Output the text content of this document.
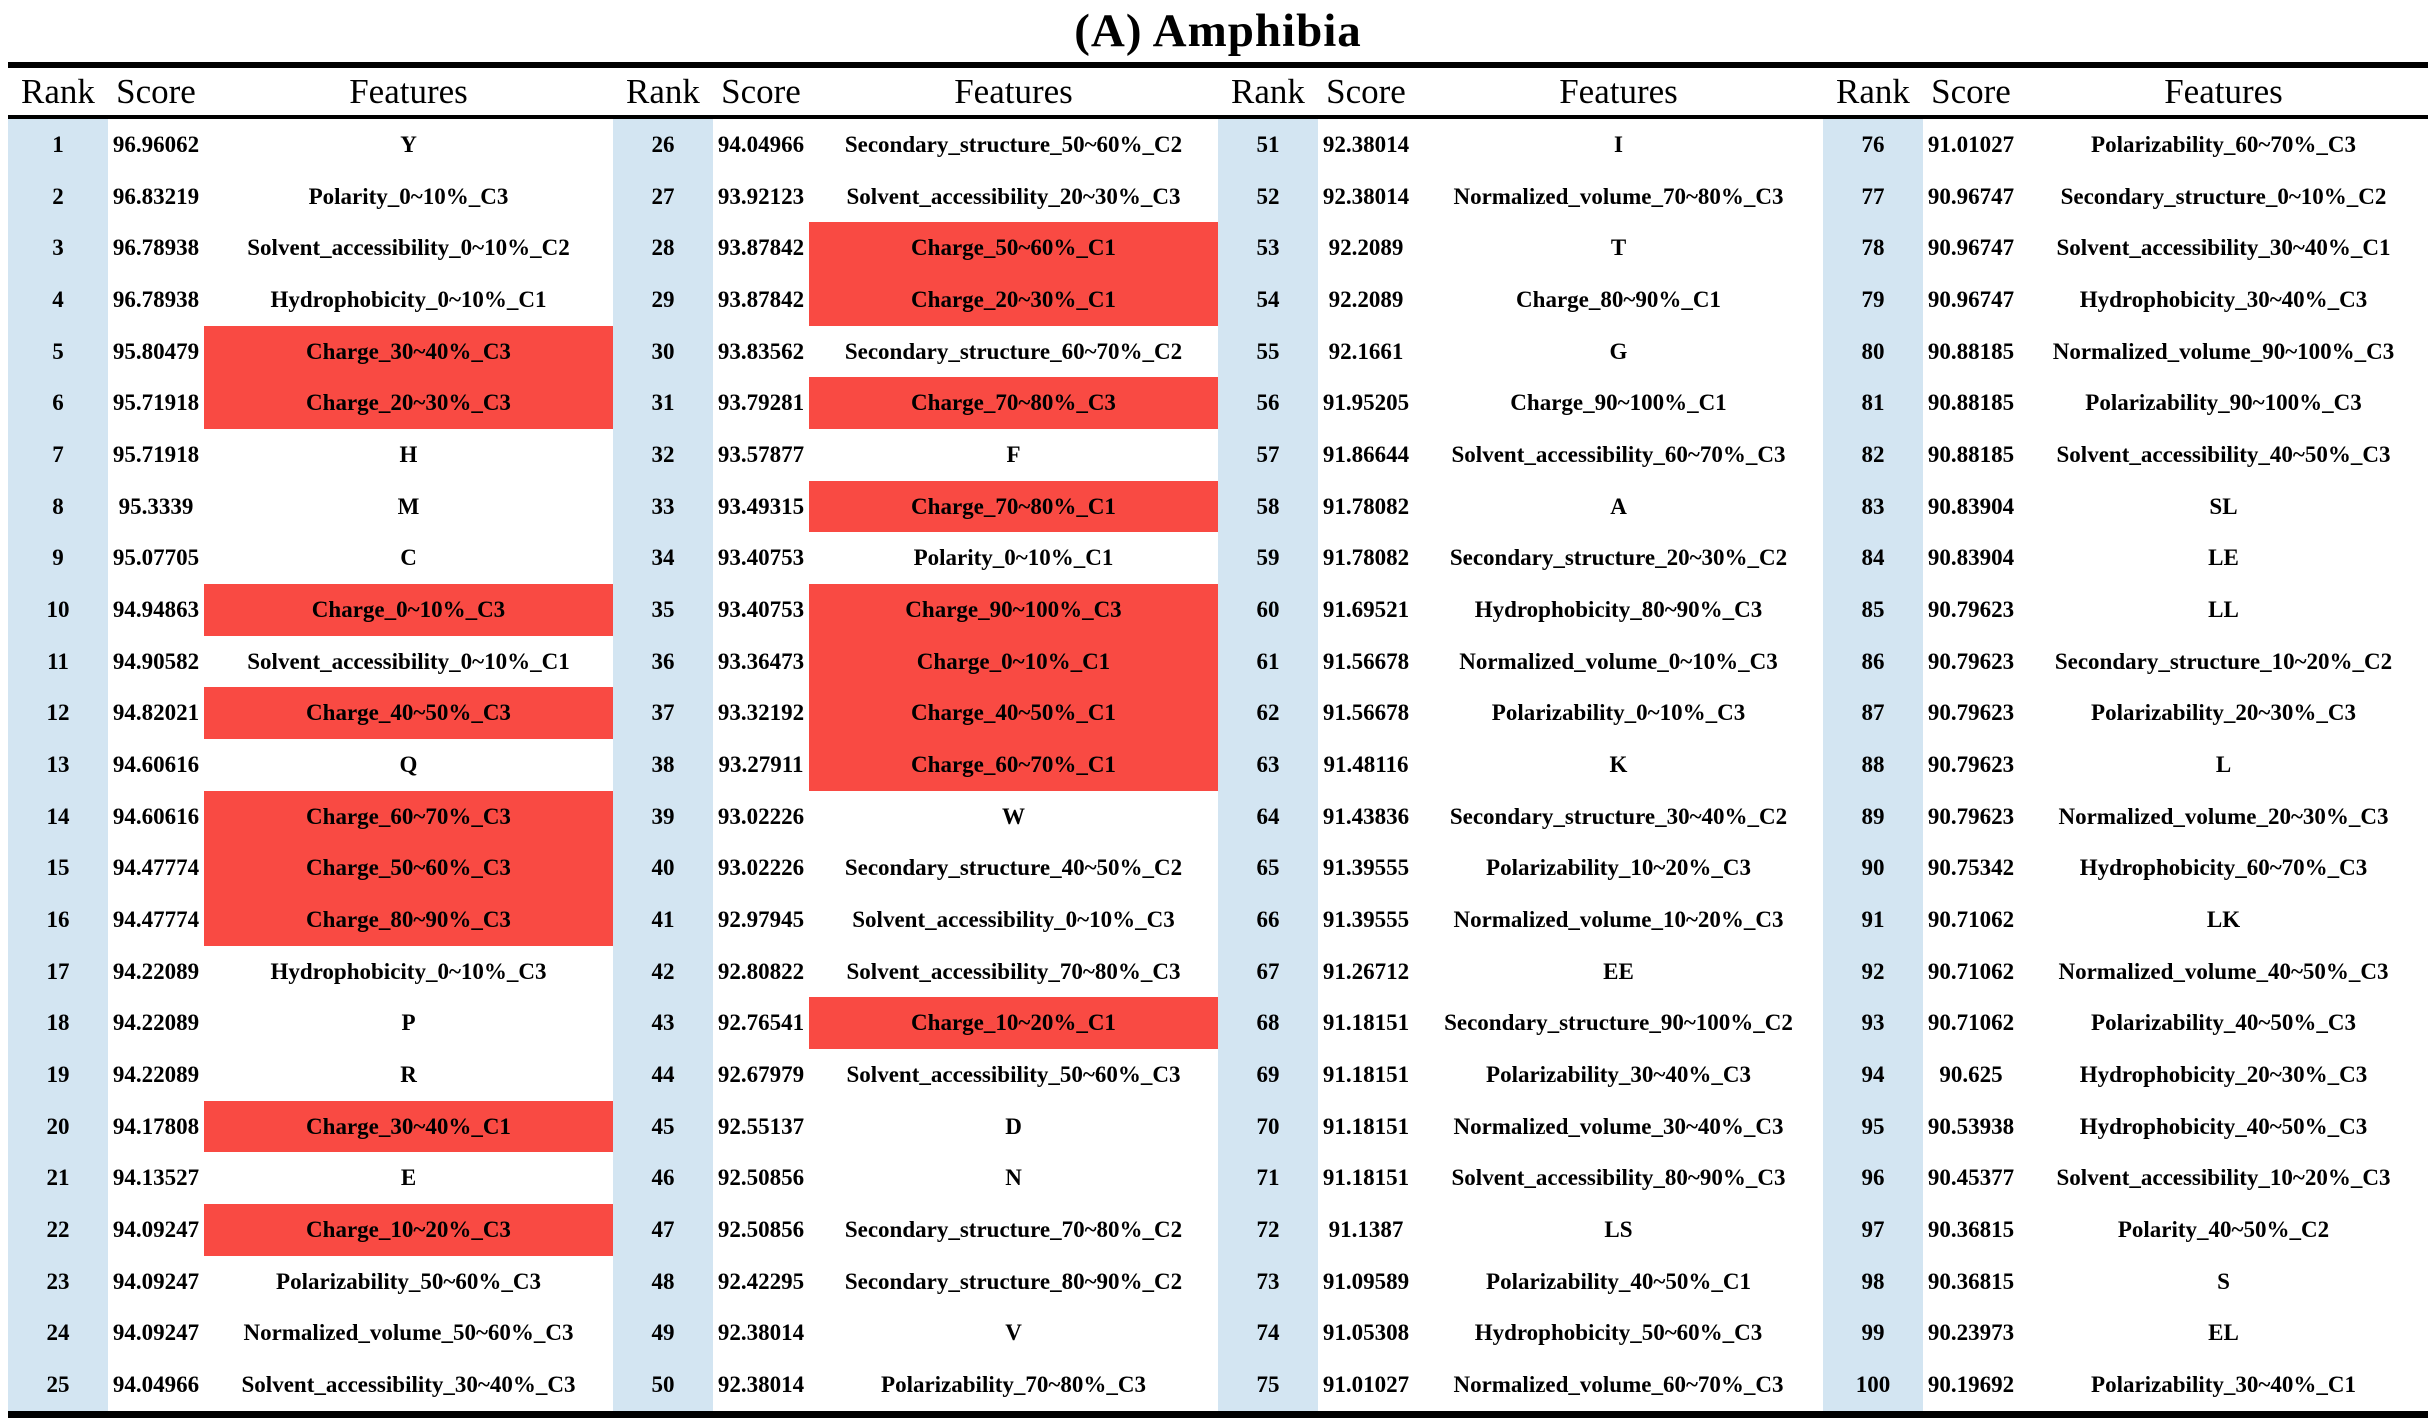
(A) Amphibia
Rank Score	Features	Rank Score	Features	Rank Score	Features	Rank Score	Features
1	96.96062	Y
2	96.83219	Polarity_0~10%_C3
3	96.78938	Solvent_accessibility_0~10%_C2
4	96.78938	Hydrophobicity_0~10%_C1
5	95.80479	Charge_30~40%_C3
6	95.71918	Charge_20~30%_C3
7	95.71918	H
8	95.3339	M
9	95.07705	C
10	94.94863	Charge_0~10%_C3
11	94.90582	Solvent_accessibility_0~10%_C1
12	94.82021	Charge_40~50%_C3
13	94.60616	Q
14	94.60616	Charge_60~70%_C3
15	94.47774	Charge_50~60%_C3
16	94.47774	Charge_80~90%_C3
17	94.22089	Hydrophobicity_0~10%_C3
18	94.22089	P
19	94.22089	R
20	94.17808	Charge_30~40%_C1
21	94.13527	E
22	94.09247	Charge_10~20%_C3
23	94.09247	Polarizability_50~60%_C3
24	94.09247	Normalized_volume_50~60%_C3
25	94.04966	Solvent_accessibility_30~40%_C3
26	94.04966	Secondary_structure_50~60%_C2
27	93.92123	Solvent_accessibility_20~30%_C3
28	93.87842	Charge_50~60%_C1
29	93.87842	Charge_20~30%_C1
30	93.83562	Secondary_structure_60~70%_C2
31	93.79281	Charge_70~80%_C3
32	93.57877	F
33	93.49315	Charge_70~80%_C1
34	93.40753	Polarity_0~10%_C1
35	93.40753	Charge_90~100%_C3
36	93.36473	Charge_0~10%_C1
37	93.32192	Charge_40~50%_C1
38	93.27911	Charge_60~70%_C1
39	93.02226	W
40	93.02226	Secondary_structure_40~50%_C2
41	92.97945	Solvent_accessibility_0~10%_C3
42	92.80822	Solvent_accessibility_70~80%_C3
43	92.76541	Charge_10~20%_C1
44	92.67979	Solvent_accessibility_50~60%_C3
45	92.55137	D
46	92.50856	N
47	92.50856	Secondary_structure_70~80%_C2
48	92.42295	Secondary_structure_80~90%_C2
49	92.38014	V
50	92.38014	Polarizability_70~80%_C3
51	92.38014	I
52	92.38014	Normalized_volume_70~80%_C3
53	92.2089	T
54	92.2089	Charge_80~90%_C1
55	92.1661	G
56	91.95205	Charge_90~100%_C1
57	91.86644	Solvent_accessibility_60~70%_C3
58	91.78082	A
59	91.78082	Secondary_structure_20~30%_C2
60	91.69521	Hydrophobicity_80~90%_C3
61	91.56678	Normalized_volume_0~10%_C3
62	91.56678	Polarizability_0~10%_C3
63	91.48116	K
64	91.43836	Secondary_structure_30~40%_C2
65	91.39555	Polarizability_10~20%_C3
66	91.39555	Normalized_volume_10~20%_C3
67	91.26712	EE
68	91.18151	Secondary_structure_90~100%_C2
69	91.18151	Polarizability_30~40%_C3
70	91.18151	Normalized_volume_30~40%_C3
71	91.18151	Solvent_accessibility_80~90%_C3
72	91.1387	LS
73	91.09589	Polarizability_40~50%_C1
74	91.05308	Hydrophobicity_50~60%_C3
75	91.01027	Normalized_volume_60~70%_C3
76	91.01027	Polarizability_60~70%_C3
77	90.96747	Secondary_structure_0~10%_C2
78	90.96747	Solvent_accessibility_30~40%_C1
79	90.96747	Hydrophobicity_30~40%_C3
80	90.88185	Normalized_volume_90~100%_C3
81	90.88185	Polarizability_90~100%_C3
82	90.88185	Solvent_accessibility_40~50%_C3
83	90.83904	SL
84	90.83904	LE
85	90.79623	LL
86	90.79623	Secondary_structure_10~20%_C2
87	90.79623	Polarizability_20~30%_C3
88	90.79623	L
89	90.79623	Normalized_volume_20~30%_C3
90	90.75342	Hydrophobicity_60~70%_C3
91	90.71062	LK
92	90.71062	Normalized_volume_40~50%_C3
93	90.71062	Polarizability_40~50%_C3
94	90.625	Hydrophobicity_20~30%_C3
95	90.53938	Hydrophobicity_40~50%_C3
96	90.45377	Solvent_accessibility_10~20%_C3
97	90.36815	Polarity_40~50%_C2
98	90.36815	S
99	90.23973	EL
100	90.19692	Polarizability_30~40%_C1
